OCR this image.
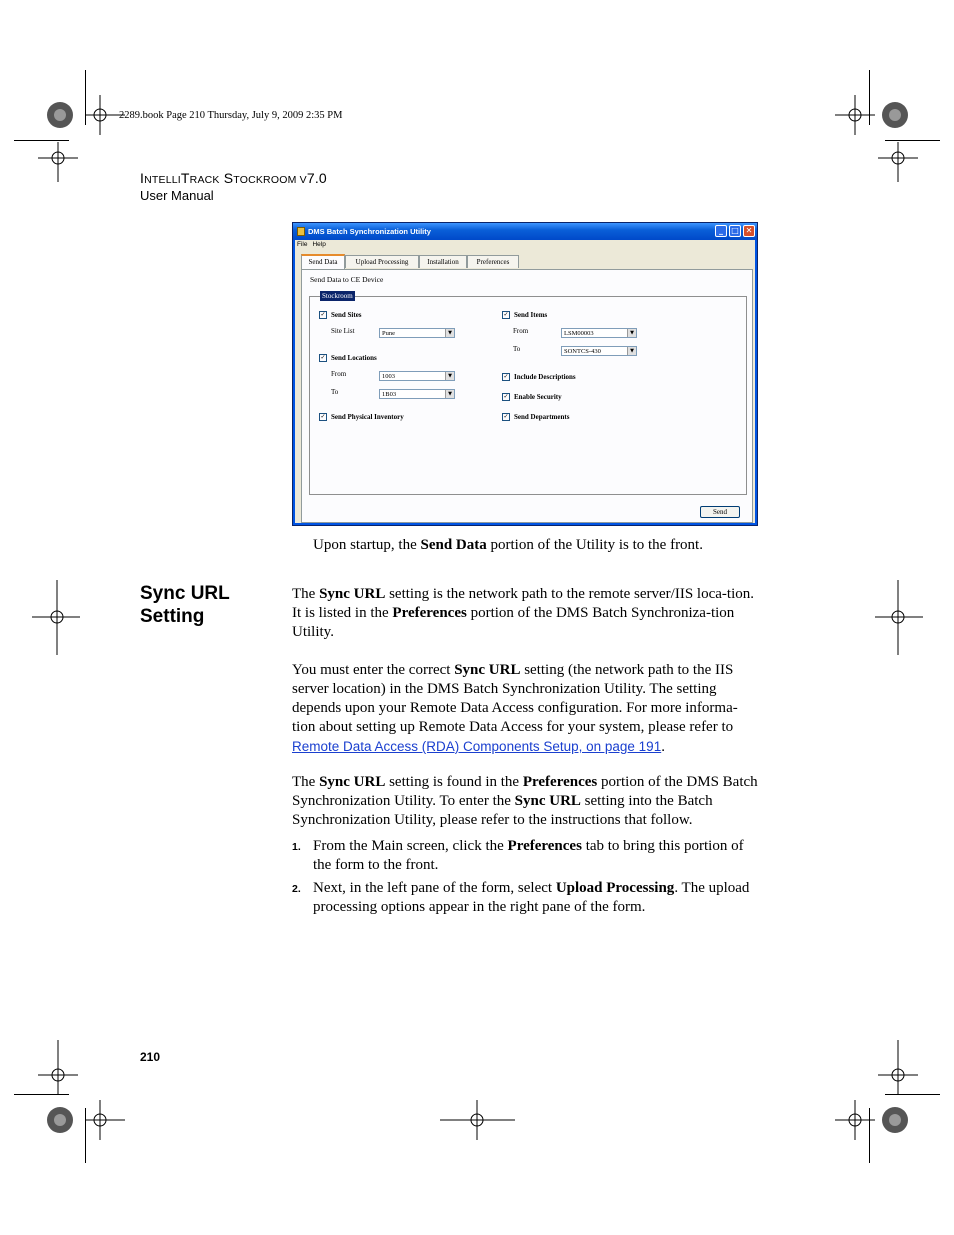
2289.book Page 210 Thursday, July 9, 2009 2:35 PM
INTELLITRACK STOCKROOM V7.0
User Manual
DMS Batch Synchronization Utility	_	□ ✕
File Help
Send Data	Upload Processing	Installation	Preferences
Send Data to CE Device
Stockroom
✓ Send Sites
Site List	Pune	▼
✓ Send Locations
From	1003	▼
To	1B03	▼
✓ Send Physical Inventory
✓ Send Items
From	LSM00003	▼
To	SONTCS-430	▼
✓ Include Descriptions
✓ Enable Security
✓ Send Departments
Send
Upon startup, the Send Data portion of the Utility is to the front.
Sync URL
Setting
The Sync URL setting is the network path to the remote server/IIS loca-tion. It is listed in the Preferences portion of the DMS Batch Synchroniza-tion Utility.
You must enter the correct Sync URL setting (the network path to the IIS server location) in the DMS Batch Synchronization Utility. The setting depends upon your Remote Data Access configuration. For more informa-tion about setting up Remote Data Access for your system, please refer to Remote Data Access (RDA) Components Setup, on page 191.
The Sync URL setting is found in the Preferences portion of the DMS Batch Synchronization Utility. To enter the Sync URL setting into the Batch Synchronization Utility, please refer to the instructions that follow.
1. From the Main screen, click the Preferences tab to bring this portion of the form to the front.
2. Next, in the left pane of the form, select Upload Processing. The upload processing options appear in the right pane of the form.
210
